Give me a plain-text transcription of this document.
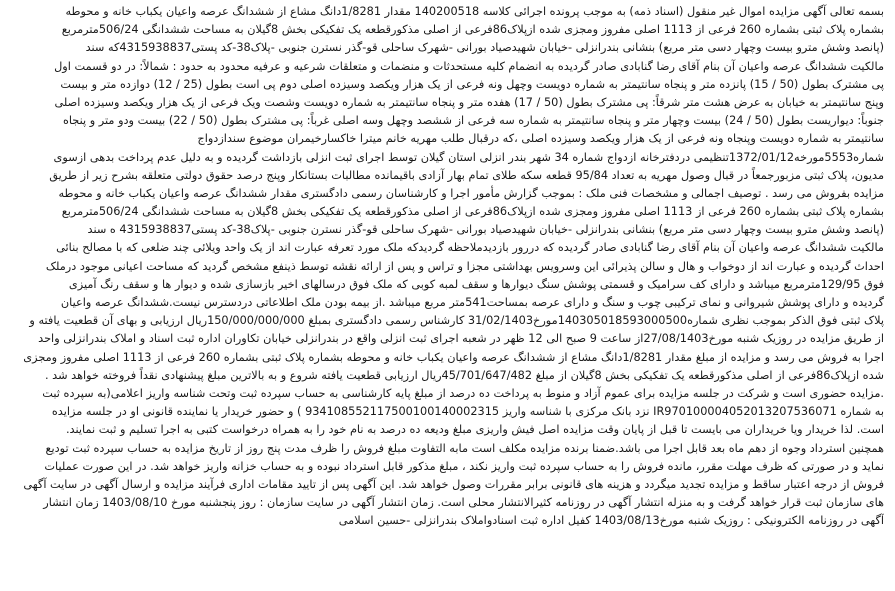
بسمه تعالی آگهی مزایده اموال غیر منقول (اسناد ذمه) به موجب پرونده اجرائی کلاسه 140200518 مقدار 1/8281دانگ مشاع از ششدانگ عرصه واعیان یکباب خانه و محوطه
بشماره پلاک ثبتی بشماره 260 فرعی از 1113 اصلی مفروز ومجزی شده ازپلاک86فرعی از اصلی مذکورقطعه یک تفکیکی بخش 8گیلان به مساحت ششدانگی 506/24مترمربع
(پانصد وشش مترو بیست وچهار دسی متر مربع) بنشانی بندرانزلی -خیابان شهیدصیاد بورانی -شهرک ساحلی قو-گذر نسترن جنوبی -پلاک38-کد پستی4315938837که سند
مالکیت ششدانگ عرصه واعیان آن بنام آقای رضا گنابادی صادر گردیده به انضمام کلیه مستحدثات و منضمات و متعلقات شرعیه و عرفیه محدود به حدود : شمالاً: در دو قسمت اول
پی مشترک بطول (50 / 15) پانزده متر و پنجاه سانتیمتر به شماره دویست وچهل ونه فرعی از یک هزار ویکصد وسیزده اصلی دوم پی است بطول (25 / 12) دوازده متر و بیست
وپنج سانتیمتر به خیابان به عرض هشت متر شرقاً: پی مشترک بطول (50 / 17) هفده متر و پنجاه سانتیمتر به شماره دویست وشصت ویک فرعی از یک هزار ویکصد وسیزده اصلی
جنوباً: دیواریست بطول (50 / 24) بیست وچهار متر و پنجاه سانتیمتر به شماره سه فرعی از ششصد وچهل وسه اصلی غرباً: پی مشترک بطول (50 / 22) بیست ودو متر و پنجاه
سانتیمتر به شماره دویست وپنجاه ونه فرعی از یک هزار ویکصد وسیزده اصلی ،که درقبال طلب مهریه خانم میترا خاکسارخیمران موضوع سندازدواج
شماره5553مورخه1372/01/12تنظیمی دردفترخانه ازدواج شماره 34 شهر بندر انزلی استان گیلان توسط اجرای ثبت انزلی بازداشت گردیده و به دلیل عدم پرداخت بدهی ازسوی
مدیون، پلاک ثبتی مزبورجمعاً در قبال وصول مهریه به تعداد 95/84 قطعه سکه طلای تمام بهار آزادی باقیمانده مطالبات بستانکار وپنج درصد حقوق دولتی متعلقه بشرح زیر از طریق
مزایده بفروش می رسد . توصیف اجمالی و مشخصات فنی ملک : بموجب گزارش مأمور اجرا و کارشناسان رسمی دادگستری مقدار ششدانگ عرصه واعیان یکباب خانه و محوطه
بشماره پلاک ثبتی بشماره 260 فرعی از 1113 اصلی مفروز ومجزی شده ازپلاک86فرعی از اصلی مذکورقطعه یک تفکیکی بخش 8گیلان به مساحت ششدانگی 506/24مترمربع
(پانصد وشش مترو بیست وچهار دسی متر مربع) بنشانی بندرانزلی -خیابان شهیدصیاد بورانی -شهرک ساحلی قو-گذر نسترن جنوبی -پلاک38-کد پستی4315938837 ه سند
مالکیت ششدانگ عرصه واعیان آن بنام آقای رضا گنابادی صادر گردیده که دررور بازدیدملاحظه گردیدکه ملک مورد تعرفه عبارت اند از یک واحد ویلائی چند ضلعی که با مصالح بنائی
احداث گردیده و عبارت اند از دوخواب و هال و سالن پذیرائی این وسرویس بهداشتی مجزا و تراس و پس از ارائه نقشه توسط ذینفع مشخص گردید که مساحت اعیانی موجود درملک
فوق 129/95مترمربع میباشد و دارای کف سرامیک و قسمتی پوشش سنگ دیوارها و سقف لمبه کوبی که ملک فوق درسالهای اخیر بازسازی شده و دیوار ها و سقف رنگ آمیزی
گردیده و دارای پوشش شیروانی و نمای ترکیبی چوب و سنگ و دارای عرصه بمساحت541متر مربع میباشد .از بیمه بودن ملک اطلاعاتی دردسترس نیست.ششدانگ عرصه واعیان
پلاک ثبتی فوق الذکر بموجب نظری شماره140305018593000500مورخ31/02/1403 کارشناس رسمی دادگستری بمبلغ 150/000/000/000ریال ارزیابی و بهای آن قطعیت یافته و
از طریق مزایده در روزیک شنبه مورخ27/08/1403از ساعت 9 صبح الی 12 ظهر در شعبه اجرای ثبت انزلی واقع در بندرانزلی خیابان تکاوران اداره ثبت اسناد و املاک بندرانزلی واحد
اجرا به فروش می رسد و مزایده از مبلغ مقدار 1/8281دانگ مشاع از ششدانگ عرصه واعیان یکباب خانه و محوطه بشماره پلاک ثبتی بشماره 260 فرعی از 1113 اصلی مفروز ومجزی
شده ازپلاک86فرعی از اصلی مذکورقطعه یک تفکیکی بخش 8گیلان از مبلغ 45/701/647/482ریال ارزیابی قطعیت یافته شروع و به بالاترین مبلغ پیشنهادی نقداً فروخته خواهد شد .
.مزایده حضوری است و شرکت در جلسه مزایده برای عموم آزاد و منوط به پرداخت ده درصد از مبلغ پایه کارشناسی به حساب سپرده ثبت وتحت شناسه واریز اعلامی(به سپرده ثبت
به شماره IR970100004052013207536071 نزد بانک مرکزی با شناسه واریز 934108552117500100140002315 ) و حضور خریدار یا نماینده قانونی او در جلسه مزایده
است. لذا خریدار ویا خریداران می بایست تا قبل از پایان وقت مزایده اصل فیش واریزی مبلغ ودیعه ده درصد به نام خود را به همراه درخواست کتبی به اجرا تسلیم و ثبت نمایند.
همچنین استرداد وجوه از دهم ماه بعد قابل اجرا می باشد.ضمنا برنده مزایده مکلف است مابه التفاوت مبلغ فروش را ظرف مدت پنج روز از تاریخ مزایده به حساب سپرده ثبت تودیع
نماید و در صورتی که ظرف مهلت مقرر، مانده فروش را به حساب سپرده ثبت واریز نکند ، مبلغ مذکور قابل استرداد نبوده و به حساب خزانه واریز خواهد شد. در این صورت عملیات
فروش از درجه اعتبار ساقط و مزایده تجدید میگردد و هزینه های قانونی برابر مقررات وصول خواهد شد. این آگهی پس از تایید مقامات اداری فرآیند مزایده و ارسال آگهی در سایت آگهی
های سازمان ثبت قرار خواهد گرفت و به منزله انتشار آگهی در روزنامه کثیرالانتشار محلی است. زمان انتشار آگهی در سایت سازمان : روز پنجشنبه مورخ 1403/08/10 زمان انتشار
آگهی در روزنامه الکترونیکی : روزیک شنبه مورخ1403/08/13 کفیل اداره ثبت اسنادواملاک بندرانزلی -حسین اسلامی
